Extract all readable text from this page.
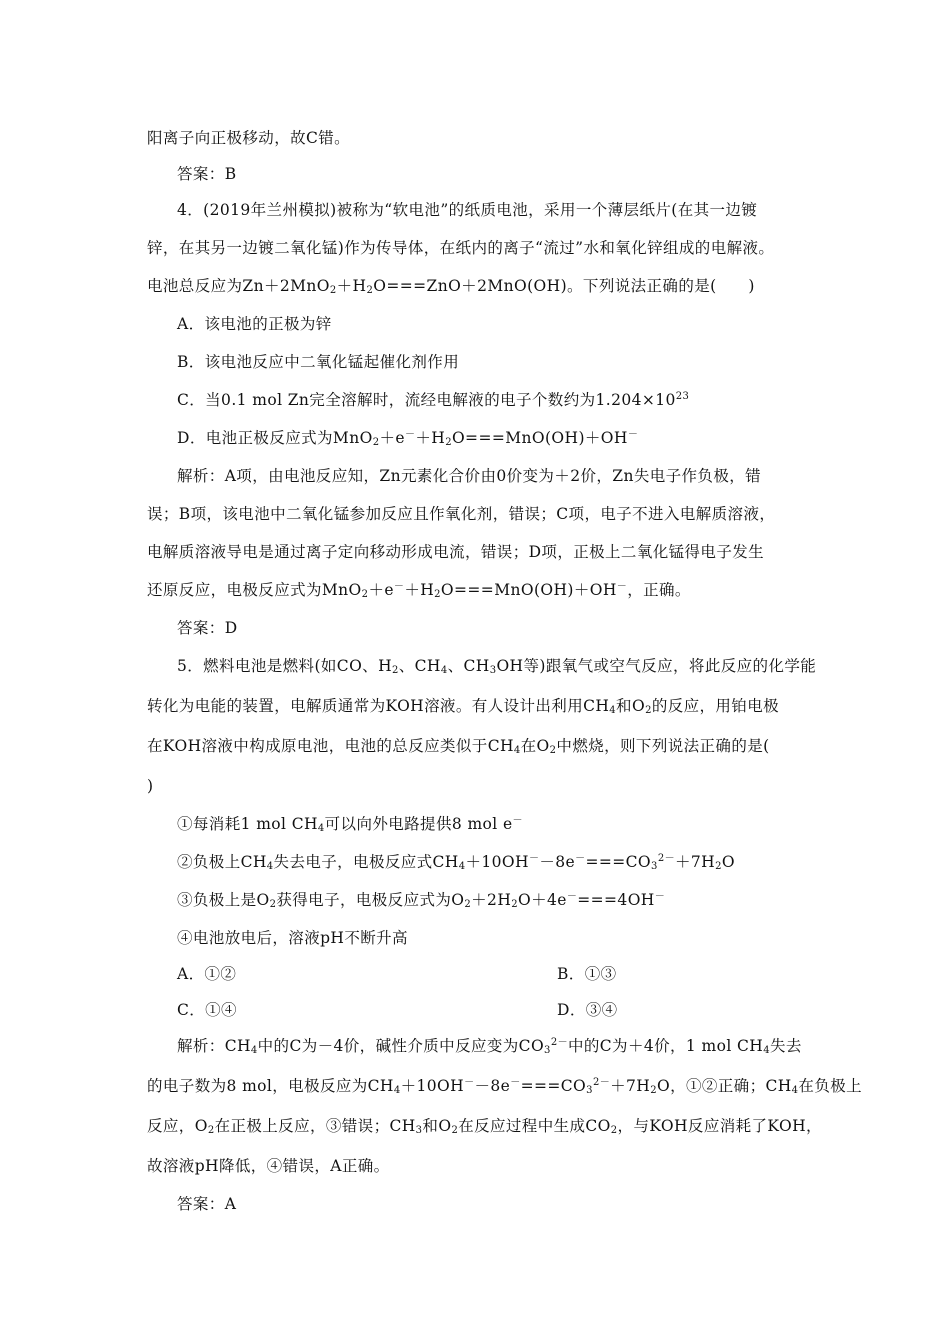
阳离子向正极移动，故C错。
答案：B
4．(2019年兰州模拟)被称为“软电池”的纸质电池，采用一个薄层纸片(在其一边镀
锌，在其另一边镀二氧化锰)作为传导体，在纸内的离子“流过”水和氧化锌组成的电解液。
电池总反应为$Zn+2MnO_2+H_2O===ZnO+2MnO(OH)$。下列说法正确的是(　　)
A．该电池的正极为锌
B．该电池反应中二氧化锰起催化剂作用
C．当0.1 mol Zn完全溶解时，流经电解液的电子个数约为$1.204\times 10^{23}$
D．电池正极反应式为$MnO_2+e^-+H_2O===MnO(OH)+OH^-$
解析：A项，由电池反应知，Zn元素化合价由0价变为＋2价，Zn失电子作负极，错
误；B项，该电池中二氧化锰参加反应且作氧化剂，错误；C项，电子不进入电解质溶液，
电解质溶液导电是通过离子定向移动形成电流，错误；D项，正极上二氧化锰得电子发生
还原反应，电极反应式为$MnO_2+e^-+H_2O===MnO(OH)+OH^-$，正确。
答案：D
5．燃料电池是燃料(如CO、$H_2$、$CH_4$、$CH_3OH$等)跟氧气或空气反应，将此反应的化学能
转化为电能的装置，电解质通常为KOH溶液。有人设计出利用$CH_4$和$O_2$的反应，用铂电极
在KOH溶液中构成原电池，电池的总反应类似于$CH_4$在$O_2$中燃烧，则下列说法正确的是(
)
①每消耗1 mol $CH_4$可以向外电路提供8 mol e－
②负极上$CH_4$失去电子，电极反应式$CH_4+10OH^--8e^-===CO_3^{2-}+7H_2O$
③负极上是$O_2$获得电子，电极反应式为$O_2+2H_2O+4e^-===4OH^-$
④电池放电后，溶液pH不断升高
A．①②	B．①③
C．①④	D．③④
解析：$CH_4$中的C为－4价，碱性介质中反应变为$CO_3^{2-}$中的C为＋4价，1 mol $CH_4$失去
的电子数为8 mol，电极反应为$CH_4+10OH^--8e^-===CO_3^{2-}+7H_2O$，①②正确；$CH_4$在负极上
反应，$O_2$在正极上反应，③错误；$CH_3$和$O_2$在反应过程中生成$CO_2$，与KOH反应消耗了KOH，
故溶液pH降低，④错误，A正确。
答案：A
